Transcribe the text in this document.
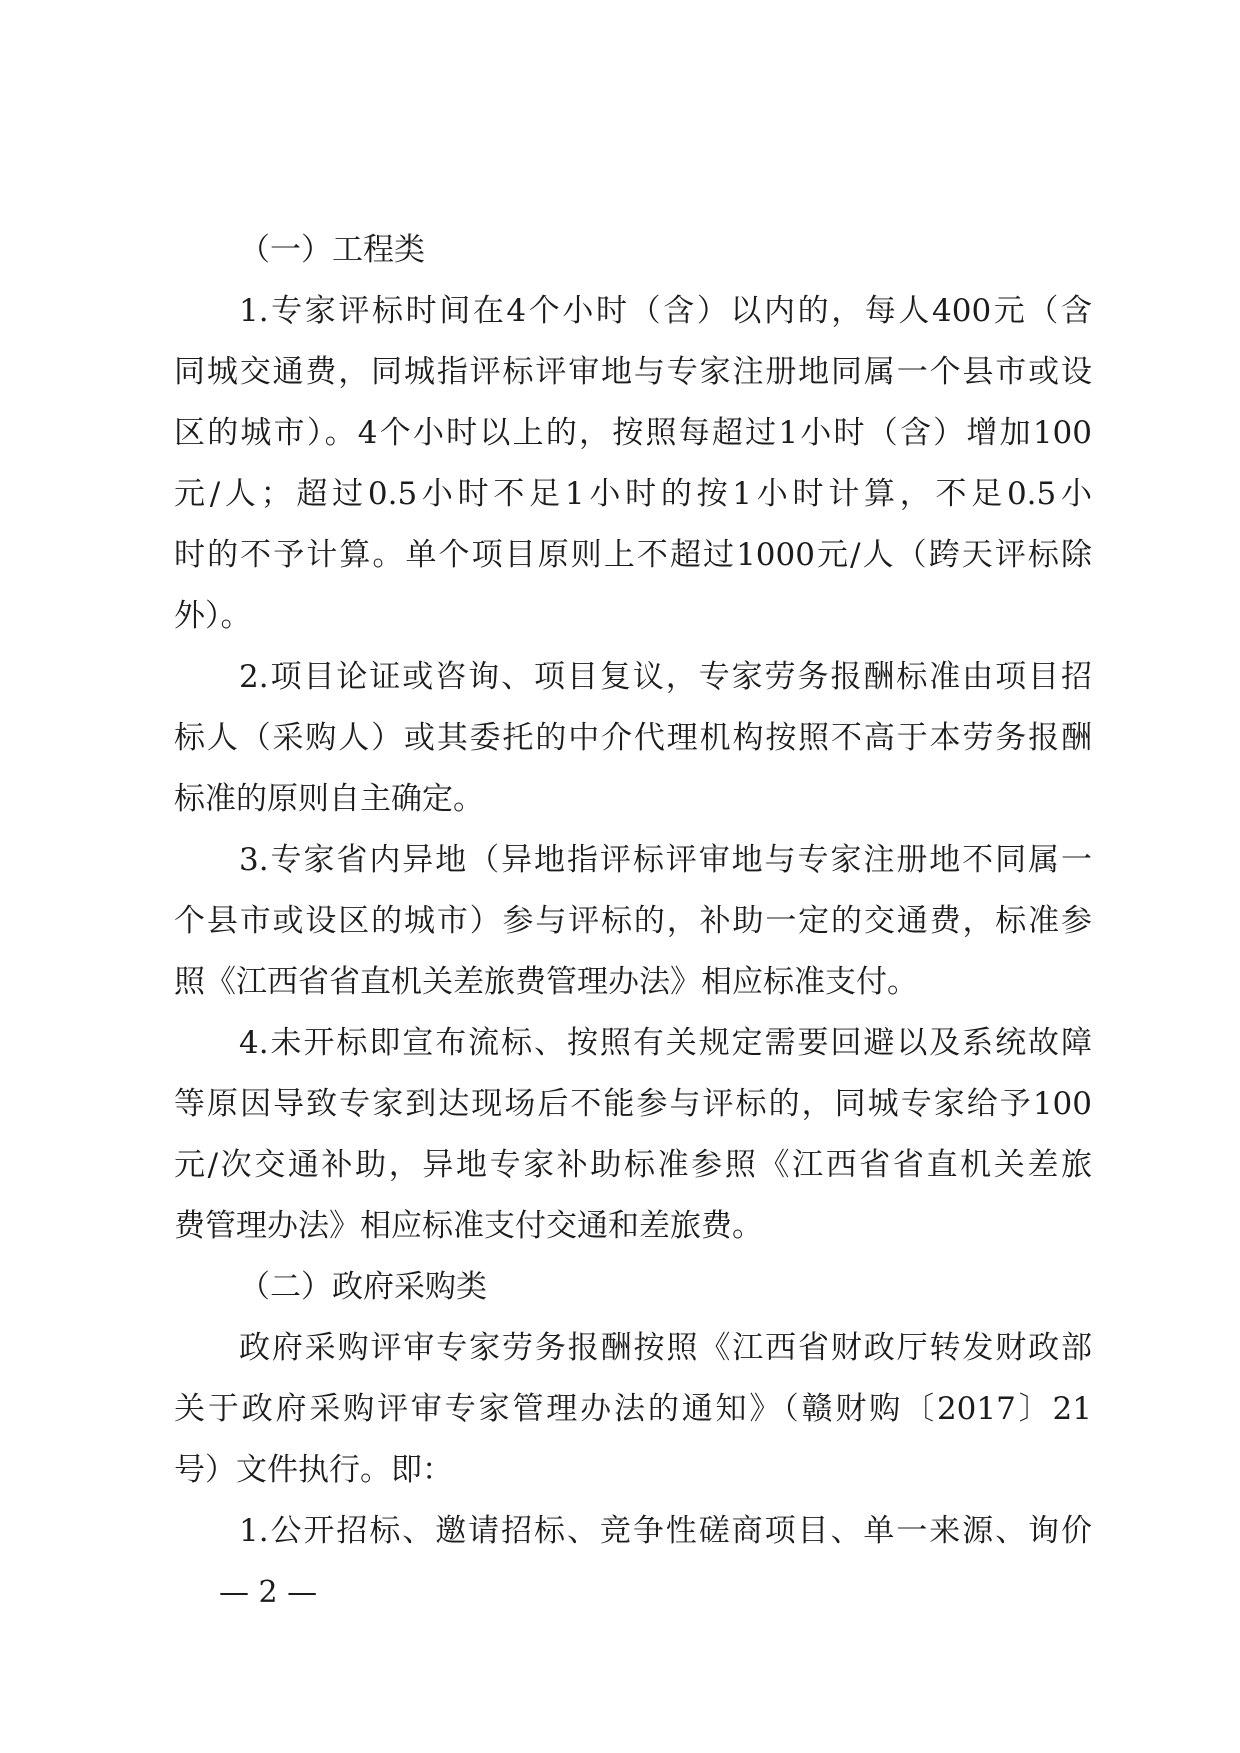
（一）工程类
1.专家评标时间在4个小时（含）以内的，每人400元（含
同城交通费，同城指评标评审地与专家注册地同属一个县市或设
区的城市）。4个小时以上的，按照每超过1小时（含）增加100
元/人；超过0.5小时不足1小时的按1小时计算，不足0.5小
时的不予计算。单个项目原则上不超过1000元/人（跨天评标除
外）。
2.项目论证或咨询、项目复议，专家劳务报酬标准由项目招
标人（采购人）或其委托的中介代理机构按照不高于本劳务报酬
标准的原则自主确定。
3.专家省内异地（异地指评标评审地与专家注册地不同属一
个县市或设区的城市）参与评标的，补助一定的交通费，标准参
照《江西省省直机关差旅费管理办法》相应标准支付。
4.未开标即宣布流标、按照有关规定需要回避以及系统故障
等原因导致专家到达现场后不能参与评标的，同城专家给予100
元/次交通补助，异地专家补助标准参照《江西省省直机关差旅
费管理办法》相应标准支付交通和差旅费。
（二）政府采购类
政府采购评审专家劳务报酬按照《江西省财政厅转发财政部
关于政府采购评审专家管理办法的通知》（赣财购〔2017〕21
号）文件执行。即：
1.公开招标、邀请招标、竞争性磋商项目、单一来源、询价
— 2 —
